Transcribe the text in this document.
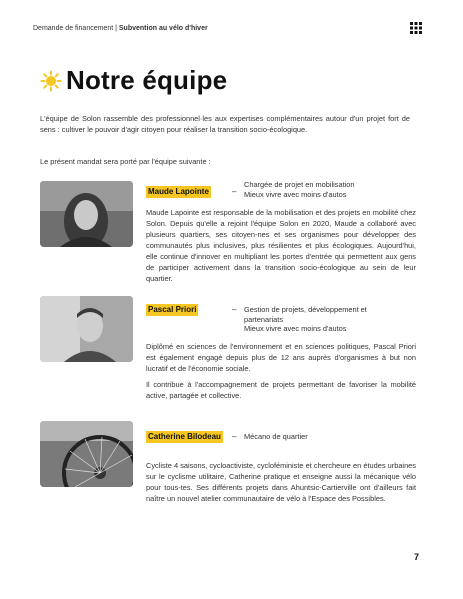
Demande de financement | Subvention au vélo d'hiver
Notre équipe
L'équipe de Solon rassemble des professionnel·les aux expertises complémentaires autour d'un projet fort de sens : cultiver le pouvoir d'agir citoyen pour réaliser la transition socio-écologique.
Le présent mandat sera porté par l'équipe suivante :
Maude Lapointe	–
Chargée de projet en mobilisation
Mieux vivre avec moins d'autos
Maude Lapointe est responsable de la mobilisation et des projets en mobilité chez Solon. Depuis qu'elle a rejoint l'équipe Solon en 2020, Maude a collaboré avec plusieurs quartiers, ses citoyen-nes et ses organismes pour développer des communautés plus inclusives, plus résilientes et plus écologiques. Aujourd'hui, elle continue d'innover en multipliant les portes d'entrée qui permettent aux gens de participer activement dans la transition socio-écologique au sein de leur quartier.
Pascal Priori	– Gestion de projets, développement et
partenariats
Mieux vivre avec moins d'autos
Diplômé en sciences de l'environnement et en sciences politiques, Pascal Priori est également engagé depuis plus de 12 ans auprès d'organismes à but non lucratif et de l'économie sociale.
Il contribue à l'accompagnement de projets permettant de favoriser la mobilité active, partagée et collective.
Catherine Bilodeau – Mécano de quartier
Cycliste 4 saisons, cycloactiviste, cycloféministe et chercheure en études urbaines sur le cyclisme utilitaire, Catherine pratique et enseigne aussi la mécanique vélo pour tous-tes. Ses différents projets dans Ahuntsic-Cartierville ont d'ailleurs fait naître un nouvel atelier communautaire de vélo à l'Espace des Possibles.
7
